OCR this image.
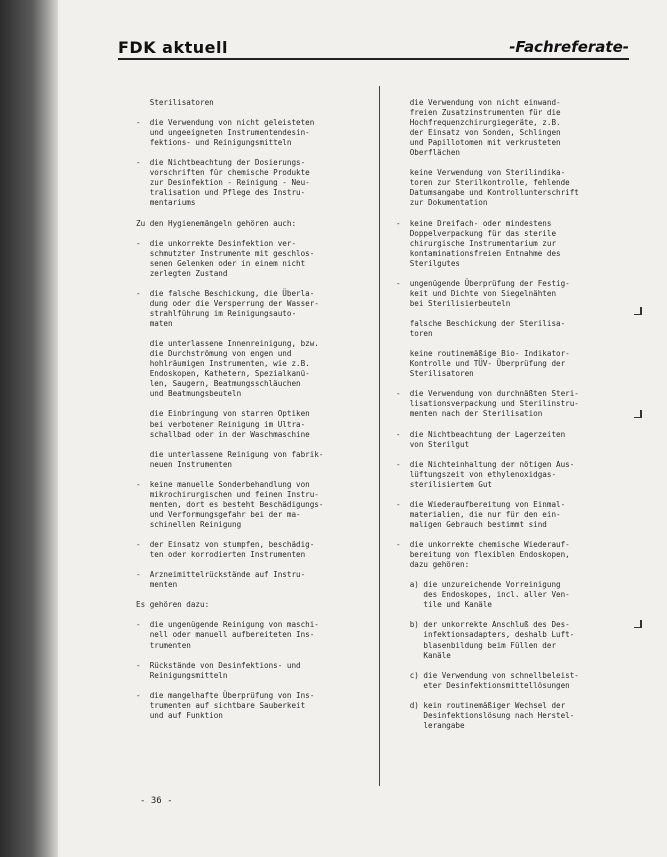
FDK aktuell	-Fachreferate-
Sterilisatoren

-  die Verwendung von nicht geleisteten
und ungeeigneten Instrumentendesin-
fektions- und Reinigungsmitteln

-  die Nichtbeachtung der Dosierungs-
vorschriften für chemische Produkte
zur Desinfektion - Reinigung - Neu-
tralisation und Pflege des Instru-
mentariums

Zu den Hygienemängeln gehören auch:

-  die unkorrekte Desinfektion ver-
schmutzter Instrumente mit geschlos-
senen Gelenken oder in einem nicht
zerlegten Zustand

-  die falsche Beschickung, die Überla-
dung oder die Versperrung der Wasser-
strahlführung im Reinigungsauto-
maten

die unterlassene Innenreinigung, bzw.
die Durchströmung von engen und
hohlräumigen Instrumenten, wie z.B.
Endoskopen, Kathetern, Spezialkanü-
len, Saugern, Beatmungsschläuchen
und Beatmungsbeuteln

die Einbringung von starren Optiken
bei verbotener Reinigung im Ultra-
schallbad oder in der Waschmaschine

die unterlassene Reinigung von fabrik-
neuen Instrumenten

-  keine manuelle Sonderbehandlung von
mikrochirurgischen und feinen Instru-
menten, dort es besteht Beschädigungs-
und Verformungsgefahr bei der ma-
schinellen Reinigung

-  der Einsatz von stumpfen, beschädig-
ten oder korrodierten Instrumenten

-  Arzneimittelrückstände auf Instru-
menten

Es gehören dazu:

-  die ungenügende Reinigung von maschi-
nell oder manuell aufbereiteten Ins-
trumenten

-  Rückstände von Desinfektions- und
Reinigungsmitteln

-  die mangelhafte Überprüfung von Ins-
trumenten auf sichtbare Sauberkeit
und auf Funktion
die Verwendung von nicht einwand-
freien Zusatzinstrumenten für die
Hochfrequenzchirurgiegeräte, z.B.
der Einsatz von Sonden, Schlingen
und Papillotomen mit verkrusteten
Oberflächen

keine Verwendung von Sterilindika-
toren zur Sterilkontrolle, fehlende
Datumsangabe und Kontrollunterschrift
zur Dokumentation

-  keine Dreifach- oder mindestens
Doppelverpackung für das sterile
chirurgische Instrumentarium zur
kontaminationsfreien Entnahme des
Sterilgutes

-  ungenügende Überprüfung der Festig-
keit und Dichte von Siegelnähten
bei Sterilisierbeuteln

falsche Beschickung der Sterilisa-
toren

keine routinemäßige Bio- Indikator-
Kontrolle und TÜV- Überprüfung der
Sterilisatoren

-  die Verwendung von durchnäßten Steri-
lisationsverpackung und Sterilinstru-
menten nach der Sterilisation

-  die Nichtbeachtung der Lagerzeiten
von Sterilgut

-  die Nichteinhaltung der nötigen Aus-
lüftungszeit von ethylenoxidgas-
sterilisiertem Gut

-  die Wiederaufbereitung von Einmal-
materialien, die nur für den ein-
maligen Gebrauch bestimmt sind

-  die unkorrekte chemische Wiederauf-
bereitung von flexiblen Endoskopen,
dazu gehören:

a) die unzureichende Vorreinigung
des Endoskopes, incl. aller Ven-
tile und Kanäle

b) der unkorrekte Anschluß des Des-
infektionsadapters, deshalb Luft-
blasenbildung beim Füllen der
Kanäle

c) die Verwendung von schnellbeleist-
eter Desinfektionsmittellösungen

d) kein routinemäßiger Wechsel der
Desinfektionslösung nach Herstel-
lerangabe
- 36 -
